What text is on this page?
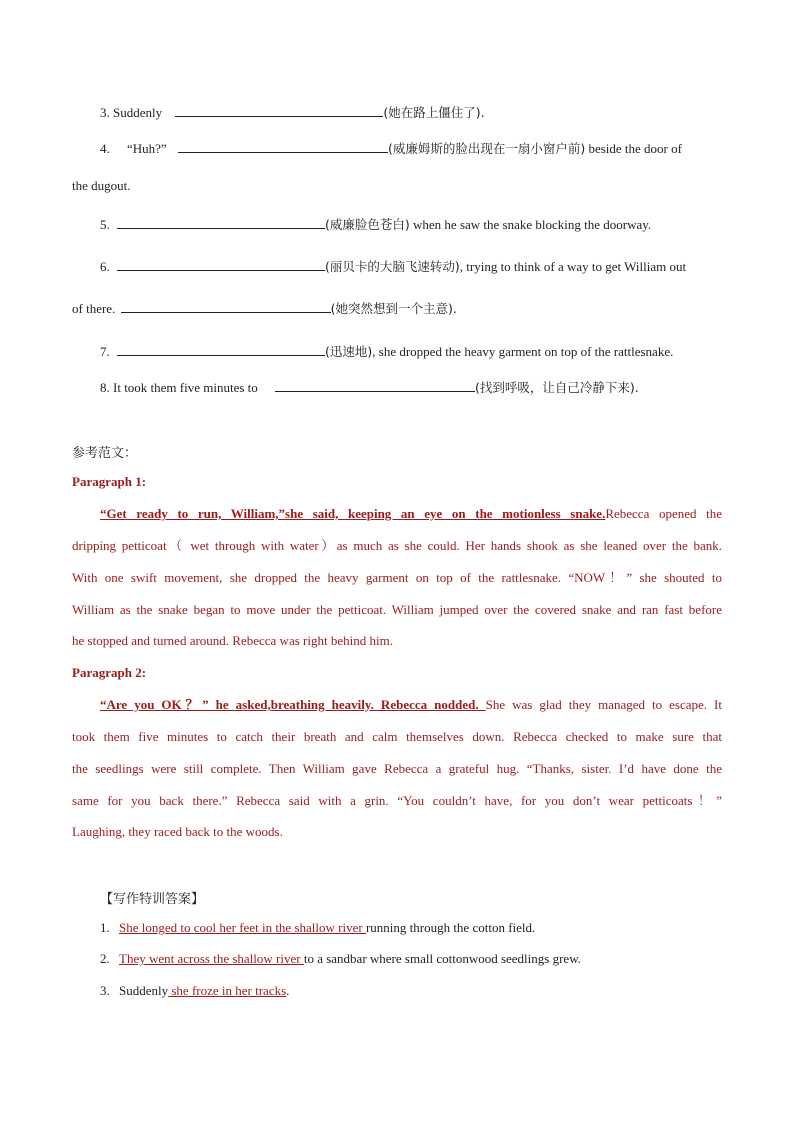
3. Suddenly	(她在路上僵住了).
4. “Huh?”	(威廉姆斯的脸出现在一扇小窗户前) beside the door of
the dugout.
5.	(威廉脸色苍白) when he saw the snake blocking the doorway.
6.	(丽贝卡的大脑飞速转动), trying to think of a way to get William out
of there.	(她突然想到一个主意).
7.	(迅速地), she dropped the heavy garment on top of the rattlesnake.
8. It took them five minutes to	(找到呼吸，让自己冷静下来).
参考范文：
Paragraph 1:
“Get ready to run, William,”she said, keeping an eye on the motionless snake.Rebecca opened the
dripping petticoat（ wet through with water）as much as she could. Her hands shook as she leaned over the bank.
With one swift movement, she dropped the heavy garment on top of the rattlesnake. “NOW！” she shouted to
William as the snake began to move under the petticoat. William jumped over the covered snake and ran fast before
he stopped and turned around. Rebecca was right behind him.
Paragraph 2:
“Are you OK？” he asked,breathing heavily. Rebecca nodded. She was glad they managed to escape. It
took them five minutes to catch their breath and calm themselves down. Rebecca checked to make sure that
the seedlings were still complete. Then William gave Rebecca a grateful hug. “Thanks, sister. I’d have done the
same for you back there.” Rebecca said with a grin. “You couldn’t have, for you don’t wear petticoats！”
Laughing, they raced back to the woods.
【写作特训答案】
1. She longed to cool her feet in the shallow river running through the cotton field.
2. They went across the shallow river to a sandbar where small cottonwood seedlings grew.
3. Suddenly she froze in her tracks.
